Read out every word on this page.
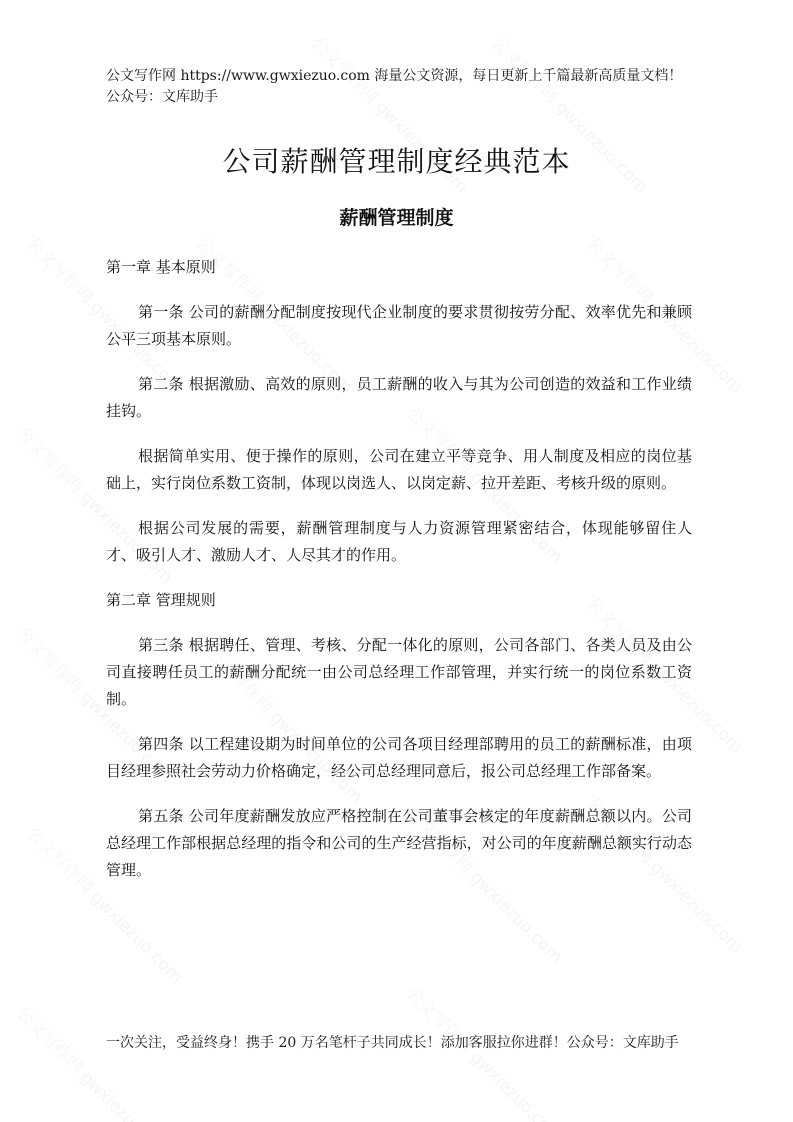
公文写作网 https://www.gwxiezuo.com 海量公文资源，每日更新上千篇最新高质量文档！ 公众号：文库助手
公司薪酬管理制度经典范本
薪酬管理制度

第一章 基本原则

第一条 公司的薪酬分配制度按现代企业制度的要求贯彻按劳分配、效率优先和兼顾公平三项基本原则。

第二条 根据激励、高效的原则，员工薪酬的收入与其为公司创造的效益和工作业绩挂钩。

根据简单实用、便于操作的原则，公司在建立平等竞争、用人制度及相应的岗位基础上，实行岗位系数工资制，体现以岗选人、以岗定薪、拉开差距、考核升级的原则。

根据公司发展的需要，薪酬管理制度与人力资源管理紧密结合，体现能够留住人才、吸引人才、激励人才、人尽其才的作用。

第二章 管理规则

第三条 根据聘任、管理、考核、分配一体化的原则，公司各部门、各类人员及由公司直接聘任员工的薪酬分配统一由公司总经理工作部管理，并实行统一的岗位系数工资制。

第四条 以工程建设期为时间单位的公司各项目经理部聘用的员工的薪酬标准，由项目经理参照社会劳动力价格确定，经公司总经理同意后，报公司总经理工作部备案。

第五条 公司年度薪酬发放应严格控制在公司董事会核定的年度薪酬总额以内。公司总经理工作部根据总经理的指令和公司的生产经营指标，对公司的年度薪酬总额实行动态管理。

一次关注，受益终身！携手 20 万名笔杆子共同成长！添加客服拉你进群！公众号：文库助手
